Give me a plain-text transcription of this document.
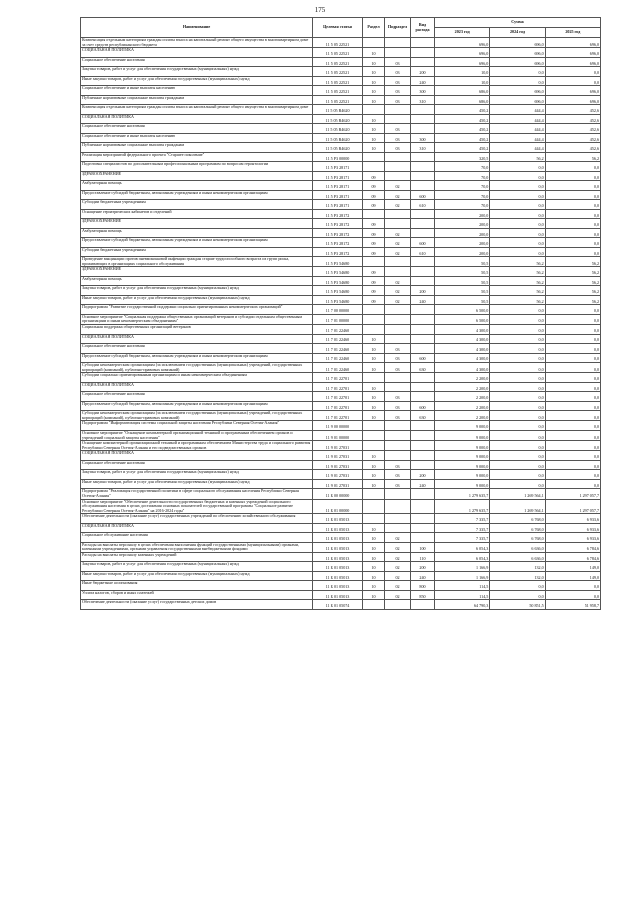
175
Наименование	Целевая статья	Раздел	Подраздел	Вид расхода	Сумма		
					2023 год	2024 год	2025 год
Компенсация отдельным категориям граждан оплаты взноса на капитальный ремонт общего имущества в многоквартирном доме за счет средств республиканского бюджета	11 5 05 22521				696,0	696,0	696,0
СОЦИАЛЬНАЯ ПОЛИТИКА	11 5 05 22521	10			696,0	696,0	696,0
Социальное обеспечение населения	11 5 05 22521	10	03		696,0	696,0	696,0
Закупка товаров, работ и услуг для обеспечения государственных (муниципальных) нужд	11 5 05 22521	10	03	200	10,0	0,0	0,0
Иные закупки товаров, работ и услуг для обеспечения государственных (муниципальных) нужд	11 5 05 22521	10	03	240	10,0	0,0	0,0
Социальное обеспечение и иные выплаты населению	11 5 05 22521	10	03	300	686,0	696,0	696,0
Публичные нормативные социальные выплаты гражданам	11 5 05 22521	10	03	310	686,0	696,0	696,0
Компенсация отдельным категориям граждан оплаты взноса на капитальный ремонт общего имущества в многоквартирном доме	11 5 05 R4620				450,2	444,4	452,6
СОЦИАЛЬНАЯ ПОЛИТИКА	11 5 05 R4620	10			450,2	444,4	452,6
Социальное обеспечение населения	11 5 05 R4620	10	03		450,2	444,4	452,6
Социальное обеспечение и иные выплаты населению	11 5 05 R4620	10	03	300	450,2	444,4	452,6
Публичные нормативные социальные выплаты гражданам	11 5 05 R4620	10	03	310	450,2	444,4	452,6
Реализация мероприятий федерального проекта "Старшее поколение"	11 5 P3 00000				320,5	56,2	56,2
Подготовка специалистов по дополнительным профессиональным программам по вопросам геронтологии	11 5 P3 28171				70,0	0,0	0,0
ЗДРАВООХРАНЕНИЕ	11 5 P3 28171	09			70,0	0,0	0,0
Амбулаторная помощь	11 5 P3 28171	09	02		70,0	0,0	0,0
Предоставление субсидий бюджетным, автономным учреждениям и иным некоммерческим организациям	11 5 P3 28171	09	02	600	70,0	0,0	0,0
Субсидии бюджетным учреждениям	11 5 P3 28171	09	02	610	70,0	0,0	0,0
Оснащение гериатрических кабинетов и отделений	11 5 P3 28172				200,0	0,0	0,0
ЗДРАВООХРАНЕНИЕ	11 5 P3 28172	09			200,0	0,0	0,0
Амбулаторная помощь	11 5 P3 28172	09	02		200,0	0,0	0,0
Предоставление субсидий бюджетным, автономным учреждениям и иным некоммерческим организациям	11 5 P3 28172	09	02	600	200,0	0,0	0,0
Субсидии бюджетным учреждениям	11 5 P3 28172	09	02	610	200,0	0,0	0,0
Проведение вакцинации против пневмококковой инфекции граждан старше трудоспособного возраста из групп риска, проживающих в организациях социального обслуживания	11 5 P3 54680				50,5	56,2	56,2
ЗДРАВООХРАНЕНИЕ	11 5 P3 54680	09			50,5	56,2	56,2
Амбулаторная помощь	11 5 P3 54680	09	02		50,5	56,2	56,2
Закупка товаров, работ и услуг для обеспечения государственных (муниципальных) нужд	11 5 P3 54680	09	02	200	50,5	56,2	56,2
Иные закупки товаров, работ и услуг для обеспечения государственных (муниципальных) нужд	11 5 P3 54680	09	02	240	50,5	56,2	56,2
Подпрограмма "Развитие государственной поддержки социально ориентированных некоммерческих организаций"	11 7 00 00000				6 500,0	0,0	0,0
Основное мероприятие "Социальная поддержка общественных организаций ветеранов и субсидии отдельным общественным организациям и иным некоммерческим объединениям"	11 7 01 00000				6 500,0	0,0	0,0
Социальная поддержка общественных организаций ветеранов	11 7 01 22460				4 300,0	0,0	0,0
СОЦИАЛЬНАЯ ПОЛИТИКА	11 7 01 22460	10			4 300,0	0,0	0,0
Социальное обеспечение населения	11 7 01 22460	10	03		4 300,0	0,0	0,0
Предоставление субсидий бюджетным, автономным учреждениям и иным некоммерческим организациям	11 7 01 22460	10	03	600	4 300,0	0,0	0,0
Субсидии некоммерческим организациям (за исключением государственных (муниципальных) учреждений, государственных корпораций (компаний), публично-правовых компаний)	11 7 01 22460	10	03	630	4 300,0	0,0	0,0
Субсидии социально ориентированным организациям и иным некоммерческим объединениям	11 7 01 22701				2 200,0	0,0	0,0
СОЦИАЛЬНАЯ ПОЛИТИКА	11 7 01 22701	10			2 200,0	0,0	0,0
Социальное обеспечение населения	11 7 01 22701	10	03		2 200,0	0,0	0,0
Предоставление субсидий бюджетным, автономным учреждениям и иным некоммерческим организациям	11 7 01 22701	10	03	600	2 200,0	0,0	0,0
Субсидии некоммерческим организациям (за исключением государственных (муниципальных) учреждений, государственных корпораций (компаний), публично-правовых компаний)	11 7 01 22701	10	03	630	2 200,0	0,0	0,0
Подпрограмма "Информатизация системы социальной защиты населения Республики Северная Осетия-Алания"	11 9 00 00000				9 000,0	0,0	0,0
Основное мероприятие "Оснащение компьютерной организационной техникой и программным обеспечением органов и учреждений социальной защиты населения"	11 9 01 00000				9 000,0	0,0	0,0
Оснащение компьютерной организационной техникой и программным обеспечением Министерства труда и социального развития Республики Северная Осетия-Алания и его подведомственных органов	11 9 01 27031				9 000,0	0,0	0,0
СОЦИАЛЬНАЯ ПОЛИТИКА	11 9 01 27031	10			9 000,0	0,0	0,0
Социальное обеспечение населения	11 9 01 27031	10	03		9 000,0	0,0	0,0
Закупка товаров, работ и услуг для обеспечения государственных (муниципальных) нужд	11 9 01 27031	10	03	200	9 000,0	0,0	0,0
Иные закупки товаров, работ и услуг для обеспечения государственных (муниципальных) нужд	11 9 01 27031	10	03	240	9 000,0	0,0	0,0
Подпрограмма "Реализация государственной политики в сфере социального обслуживания населения Республики Северная Осетия-Алания"	11 Б 00 00000				1 279 635,7	1 269 564,1	1 297 057,7
Основное мероприятие "Обеспечение деятельности государственных бюджетных и казенных учреждений социального обслуживания населения в целях достижения основных показателей государственной программы "Социальное развитие Республики Северная Осетия-Алания" на 2016-2024 годы"	11 Б 01 00000				1 279 635,7	1 269 564,1	1 297 057,7
Обеспечение деятельности (оказание услуг) государственных учреждений по обеспечению хозяйственного обслуживания	11 Б 01 05013				7 335,7	6 768,0	6 933,6
СОЦИАЛЬНАЯ ПОЛИТИКА	11 Б 01 05013	10			7 335,7	6 768,0	6 933,6
Социальное обслуживание населения	11 Б 01 05013	10	02		7 335,7	6 768,0	6 933,6
Расходы на выплаты персоналу в целях обеспечения выполнения функций государственными (муниципальными) органами, казенными учреждениями, органами управления государственными внебюджетными фондами	11 Б 01 05013	10	02	100	6 054,3	6 636,0	6 784,6
Расходы на выплаты персоналу казенных учреждений	11 Б 01 05013	10	02	110	6 054,3	6 636,0	6 784,6
Закупка товаров, работ и услуг для обеспечения государственных (муниципальных) нужд	11 Б 01 05013	10	02	200	1 166,9	132,0	149,0
Иные закупки товаров, работ и услуг для обеспечения государственных (муниципальных) нужд	11 Б 01 05013	10	02	240	1 166,9	132,0	149,0
Иные бюджетные ассигнования	11 Б 01 05013	10	02	800	114,5	0,0	0,0
Уплата налогов, сборов и иных платежей	11 Б 01 05013	10	02	850	114,5	0,0	0,0
Обеспечение деятельности (оказание услуг) государственных детских домов	11 Б 01 05074				64 790,3	50 851,5	51 958,7
